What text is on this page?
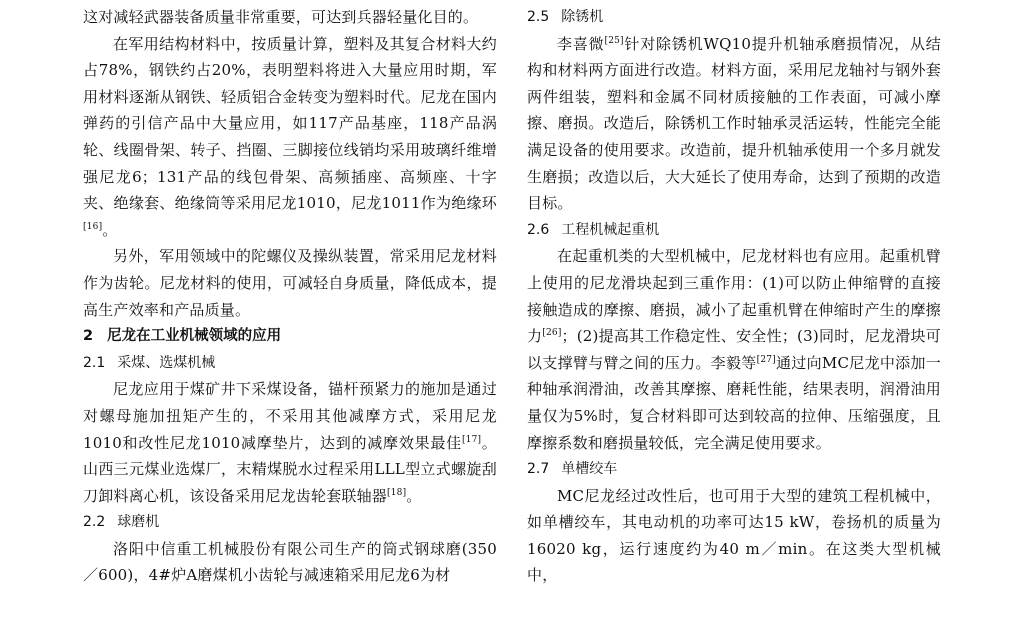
这对减轻武器装备质量非常重要，可达到兵器轻量化目的。

在军用结构材料中，按质量计算，塑料及其复合材料大约占78%，钢铁约占20%，表明塑料将进入大量应用时期，军用材料逐渐从钢铁、轻质铝合金转变为塑料时代。尼龙在国内弹药的引信产品中大量应用，如117产品基座，118产品涡轮、线圈骨架、转子、挡圈、三脚接位线销均采用玻璃纤维增强尼龙6；131产品的线包骨架、高频插座、高频座、十字夹、绝缘套、绝缘筒等采用尼龙1010，尼龙1011作为绝缘环[16]。

另外，军用领域中的陀螺仪及操纵装置，常采用尼龙材料作为齿轮。尼龙材料的使用，可减轻自身质量，降低成本，提高生产效率和产品质量。

2 尼龙在工业机械领域的应用

2.1 采煤、选煤机械

尼龙应用于煤矿井下采煤设备，锚杆预紧力的施加是通过对螺母施加扭矩产生的，不采用其他减摩方式，采用尼龙1010和改性尼龙1010减摩垫片，达到的减摩效果最佳[17]。山西三元煤业选煤厂，末精煤脱水过程采用LLL型立式螺旋刮刀卸料离心机，该设备采用尼龙齿轮套联轴器[18]。

2.2 球磨机

洛阳中信重工机械股份有限公司生产的筒式钢球磨(350／600)，4#炉A磨煤机小齿轮与减速箱采用尼龙6为材

2.5 除锈机

李喜微[25]针对除锈机WQ10提升机轴承磨损情况，从结构和材料两方面进行改造。材料方面，采用尼龙轴衬与钢外套两件组装，塑料和金属不同材质接触的工作表面，可减小摩擦、磨损。改造后，除锈机工作时轴承灵活运转，性能完全能满足设备的使用要求。改造前，提升机轴承使用一个多月就发生磨损；改造以后，大大延长了使用寿命，达到了预期的改造目标。

2.6 工程机械起重机

在起重机类的大型机械中，尼龙材料也有应用。起重机臂上使用的尼龙滑块起到三重作用：(1)可以防止伸缩臂的直接接触造成的摩擦、磨损，减小了起重机臂在伸缩时产生的摩擦力[26]；(2)提高其工作稳定性、安全性；(3)同时，尼龙滑块可以支撑臂与臂之间的压力。李毅等[27]通过向MC尼龙中添加一种轴承润滑油，改善其摩擦、磨耗性能，结果表明，润滑油用量仅为5%时，复合材料即可达到较高的拉伸、压缩强度，且摩擦系数和磨损量较低，完全满足使用要求。

2.7 单槽绞车

MC尼龙经过改性后，也可用于大型的建筑工程机械中，如单槽绞车，其电动机的功率可达15 kW，卷扬机的质量为16020 kg，运行速度约为40 m／min。在这类大型机械中，
